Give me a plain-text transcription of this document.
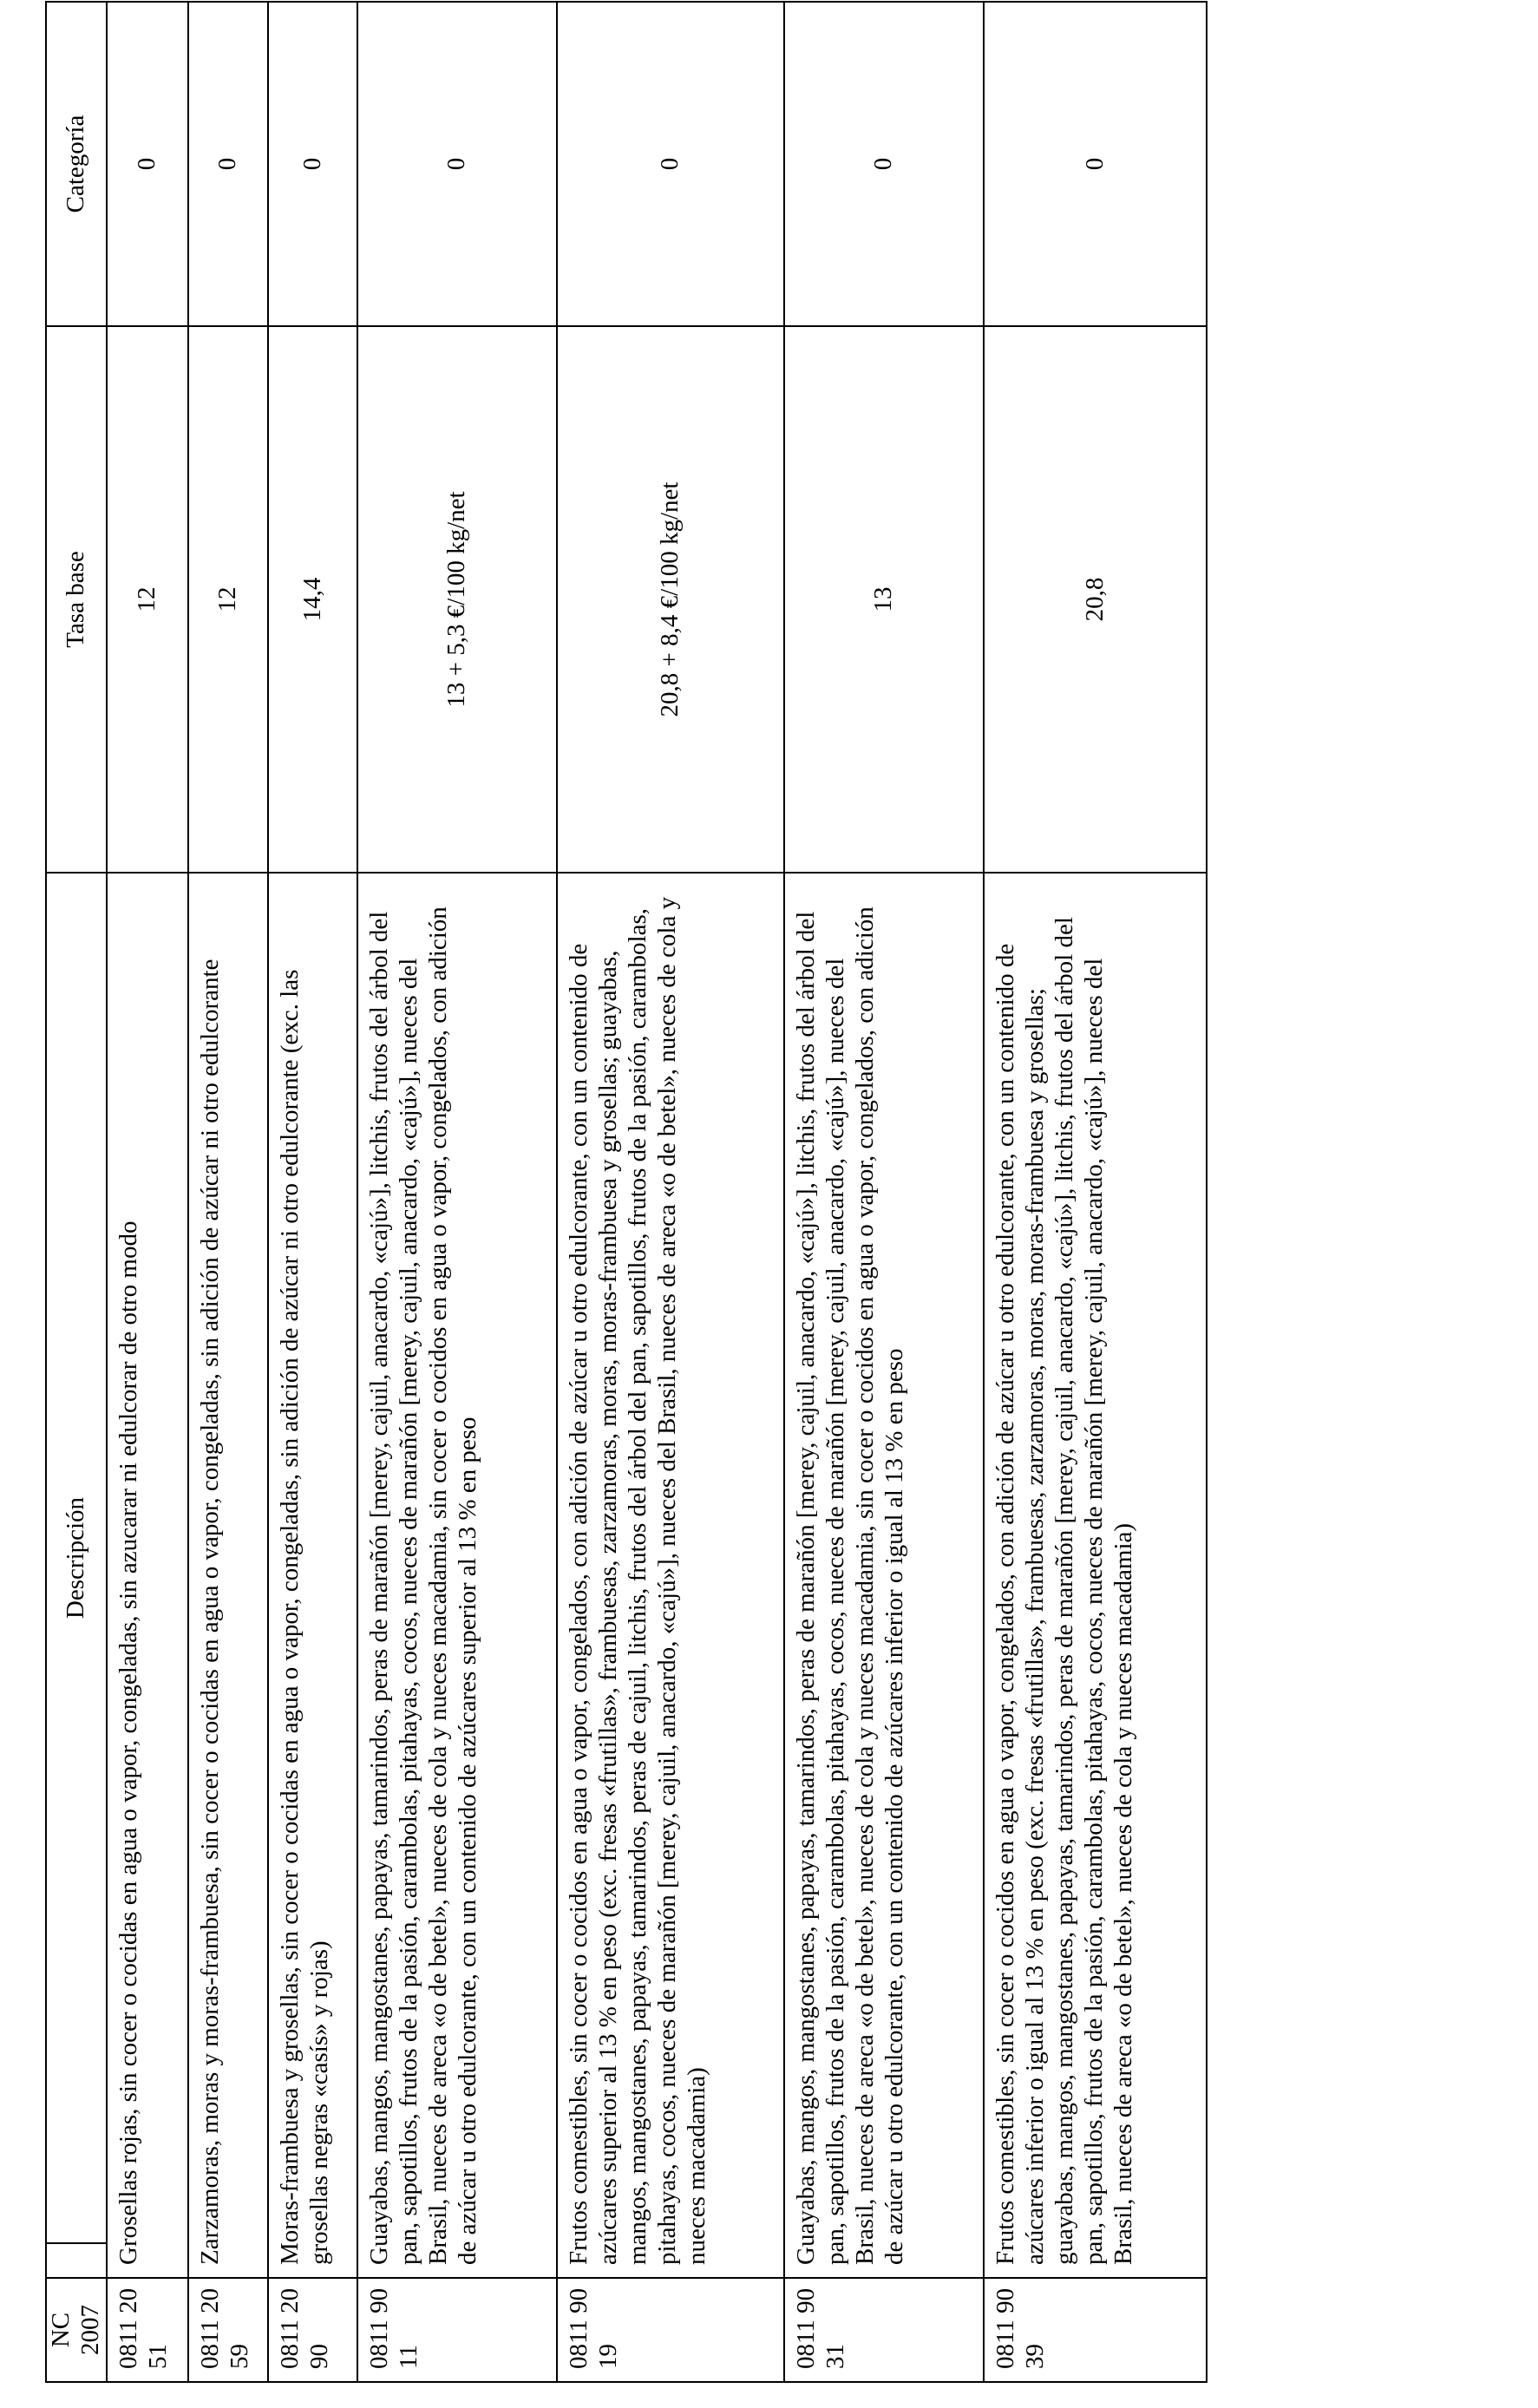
NC 2007		Descripción	Tasa base	Categoría
0811 20 51	Grosellas rojas, sin cocer o cocidas en agua o vapor, congeladas, sin azucarar ni edulcorar de otro modo		12	0
0811 20 59	Zarzamoras, moras y moras-frambuesa, sin cocer o cocidas en agua o vapor, congeladas, sin adición de azúcar ni otro edulcorante		12	0
0811 20 90	Moras-frambuesa y grosellas, sin cocer o cocidas en agua o vapor, congeladas, sin adición de azúcar ni otro edulcorante (exc. las grosellas negras «casís» y rojas)		14,4	0
0811 90 11	Guayabas, mangos, mangostanes, papayas, tamarindos, peras de marañón [merey, cajuil, anacardo, «cajú»], litchis, frutos del árbol del pan, sapotillos, frutos de la pasión, carambolas, pitahayas, cocos, nueces de marañón [merey, cajuil, anacardo, «cajú»], nueces del Brasil, nueces de areca «o de betel», nueces de cola y nueces macadamia, sin cocer o cocidos en agua o vapor, congelados, con adición de azúcar u otro edulcorante, con un contenido de azúcares superior al 13 % en peso		13 + 5,3 €/100 kg/net	0
0811 90 19	Frutos comestibles, sin cocer o cocidos en agua o vapor, congelados, con adición de azúcar u otro edulcorante, con un contenido de azúcares superior al 13 % en peso (exc. fresas «frutillas», frambuesas, zarzamoras, moras, moras-frambuesa y grosellas; guayabas, mangos, mangostanes, papayas, tamarindos, peras de cajuil, litchis, frutos del árbol del pan, sapotillos, frutos de la pasión, carambolas, pitahayas, cocos, nueces de marañón [merey, cajuil, anacardo, «cajú»], nueces del Brasil, nueces de areca «o de betel», nueces de cola y nueces macadamia)		20,8 + 8,4 €/100 kg/net	0
0811 90 31	Guayabas, mangos, mangostanes, papayas, tamarindos, peras de marañón [merey, cajuil, anacardo, «cajú»], litchis, frutos del árbol del pan, sapotillos, frutos de la pasión, carambolas, pitahayas, cocos, nueces de marañón [merey, cajuil, anacardo, «cajú»], nueces del Brasil, nueces de areca «o de betel», nueces de cola y nueces macadamia, sin cocer o cocidos en agua o vapor, congelados, con adición de azúcar u otro edulcorante, con un contenido de azúcares inferior o igual al 13 % en peso		13	0
0811 90 39	Frutos comestibles, sin cocer o cocidos en agua o vapor, congelados, con adición de azúcar u otro edulcorante, con un contenido de azúcares inferior o igual al 13 % en peso (exc. fresas «frutillas», frambuesas, zarzamoras, moras, moras-frambuesa y grosellas; guayabas, mangos, mangostanes, papayas, tamarindos, peras de marañón [merey, cajuil, anacardo, «cajú»], litchis, frutos del árbol del pan, sapotillos, frutos de la pasión, carambolas, pitahayas, cocos, nueces de marañón [merey, cajuil, anacardo, «cajú»], nueces del Brasil, nueces de areca «o de betel», nueces de cola y nueces macadamia)		20,8	0
